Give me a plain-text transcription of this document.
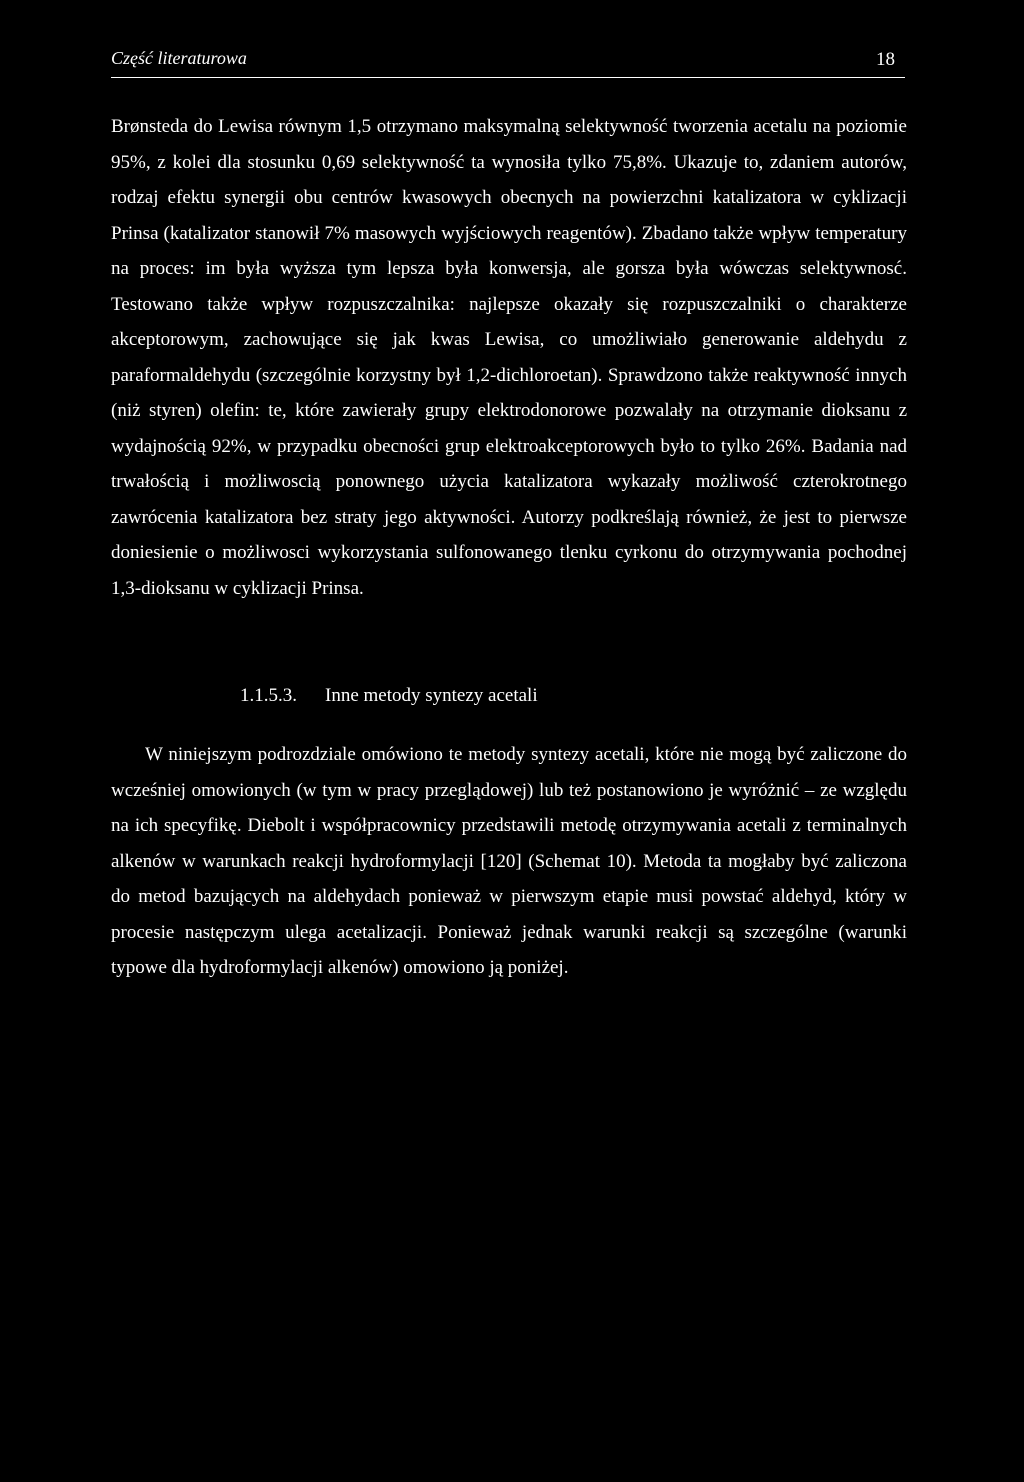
Część literaturowa	18

Brønsteda do Lewisa równym 1,5 otrzymano maksymalną selektywność tworzenia acetalu na poziomie 95%, z kolei dla stosunku 0,69 selektywność ta wynosiła tylko 75,8%. Ukazuje to, zdaniem autorów, rodzaj efektu synergii obu centrów kwasowych obecnych na powierzchni katalizatora w cyklizacji Prinsa (katalizator stanowił 7% masowych wyjściowych reagentów). Zbadano także wpływ temperatury na proces: im była wyższa tym lepsza była konwersja, ale gorsza była wówczas selektywnosć. Testowano także wpływ rozpuszczalnika: najlepsze okazały się rozpuszczalniki o charakterze akceptorowym, zachowujące się jak kwas Lewisa, co umożliwiało generowanie aldehydu z paraformaldehydu (szczególnie korzystny był 1,2-dichloroetan). Sprawdzono także reaktywność innych (niż styren) olefin: te, które zawierały grupy elektrodonorowe pozwalały na otrzymanie dioksanu z wydajnością 92%, w przypadku obecności grup elektroakceptorowych było to tylko 26%. Badania nad trwałością i możliwoscią ponownego użycia katalizatora wykazały możliwość czterokrotnego zawrócenia katalizatora bez straty jego aktywności. Autorzy podkreślają również, że jest to pierwsze doniesienie o możliwosci wykorzystania sulfonowanego tlenku cyrkonu do otrzymywania pochodnej 1,3-dioksanu w cyklizacji Prinsa.

1.1.5.3. Inne metody syntezy acetali

W niniejszym podrozdziale omówiono te metody syntezy acetali, które nie mogą być zaliczone do wcześniej omowionych (w tym w pracy przeglądowej) lub też postanowiono je wyróżnić – ze względu na ich specyfikę. Diebolt i współpracownicy przedstawili metodę otrzymywania acetali z terminalnych alkenów w warunkach reakcji hydroformylacji [120] (Schemat 10). Metoda ta mogłaby być zaliczona do metod bazujących na aldehydach ponieważ w pierwszym etapie musi powstać aldehyd, który w procesie następczym ulega acetalizacji. Ponieważ jednak warunki reakcji są szczególne (warunki typowe dla hydroformylacji alkenów) omowiono ją poniżej.
